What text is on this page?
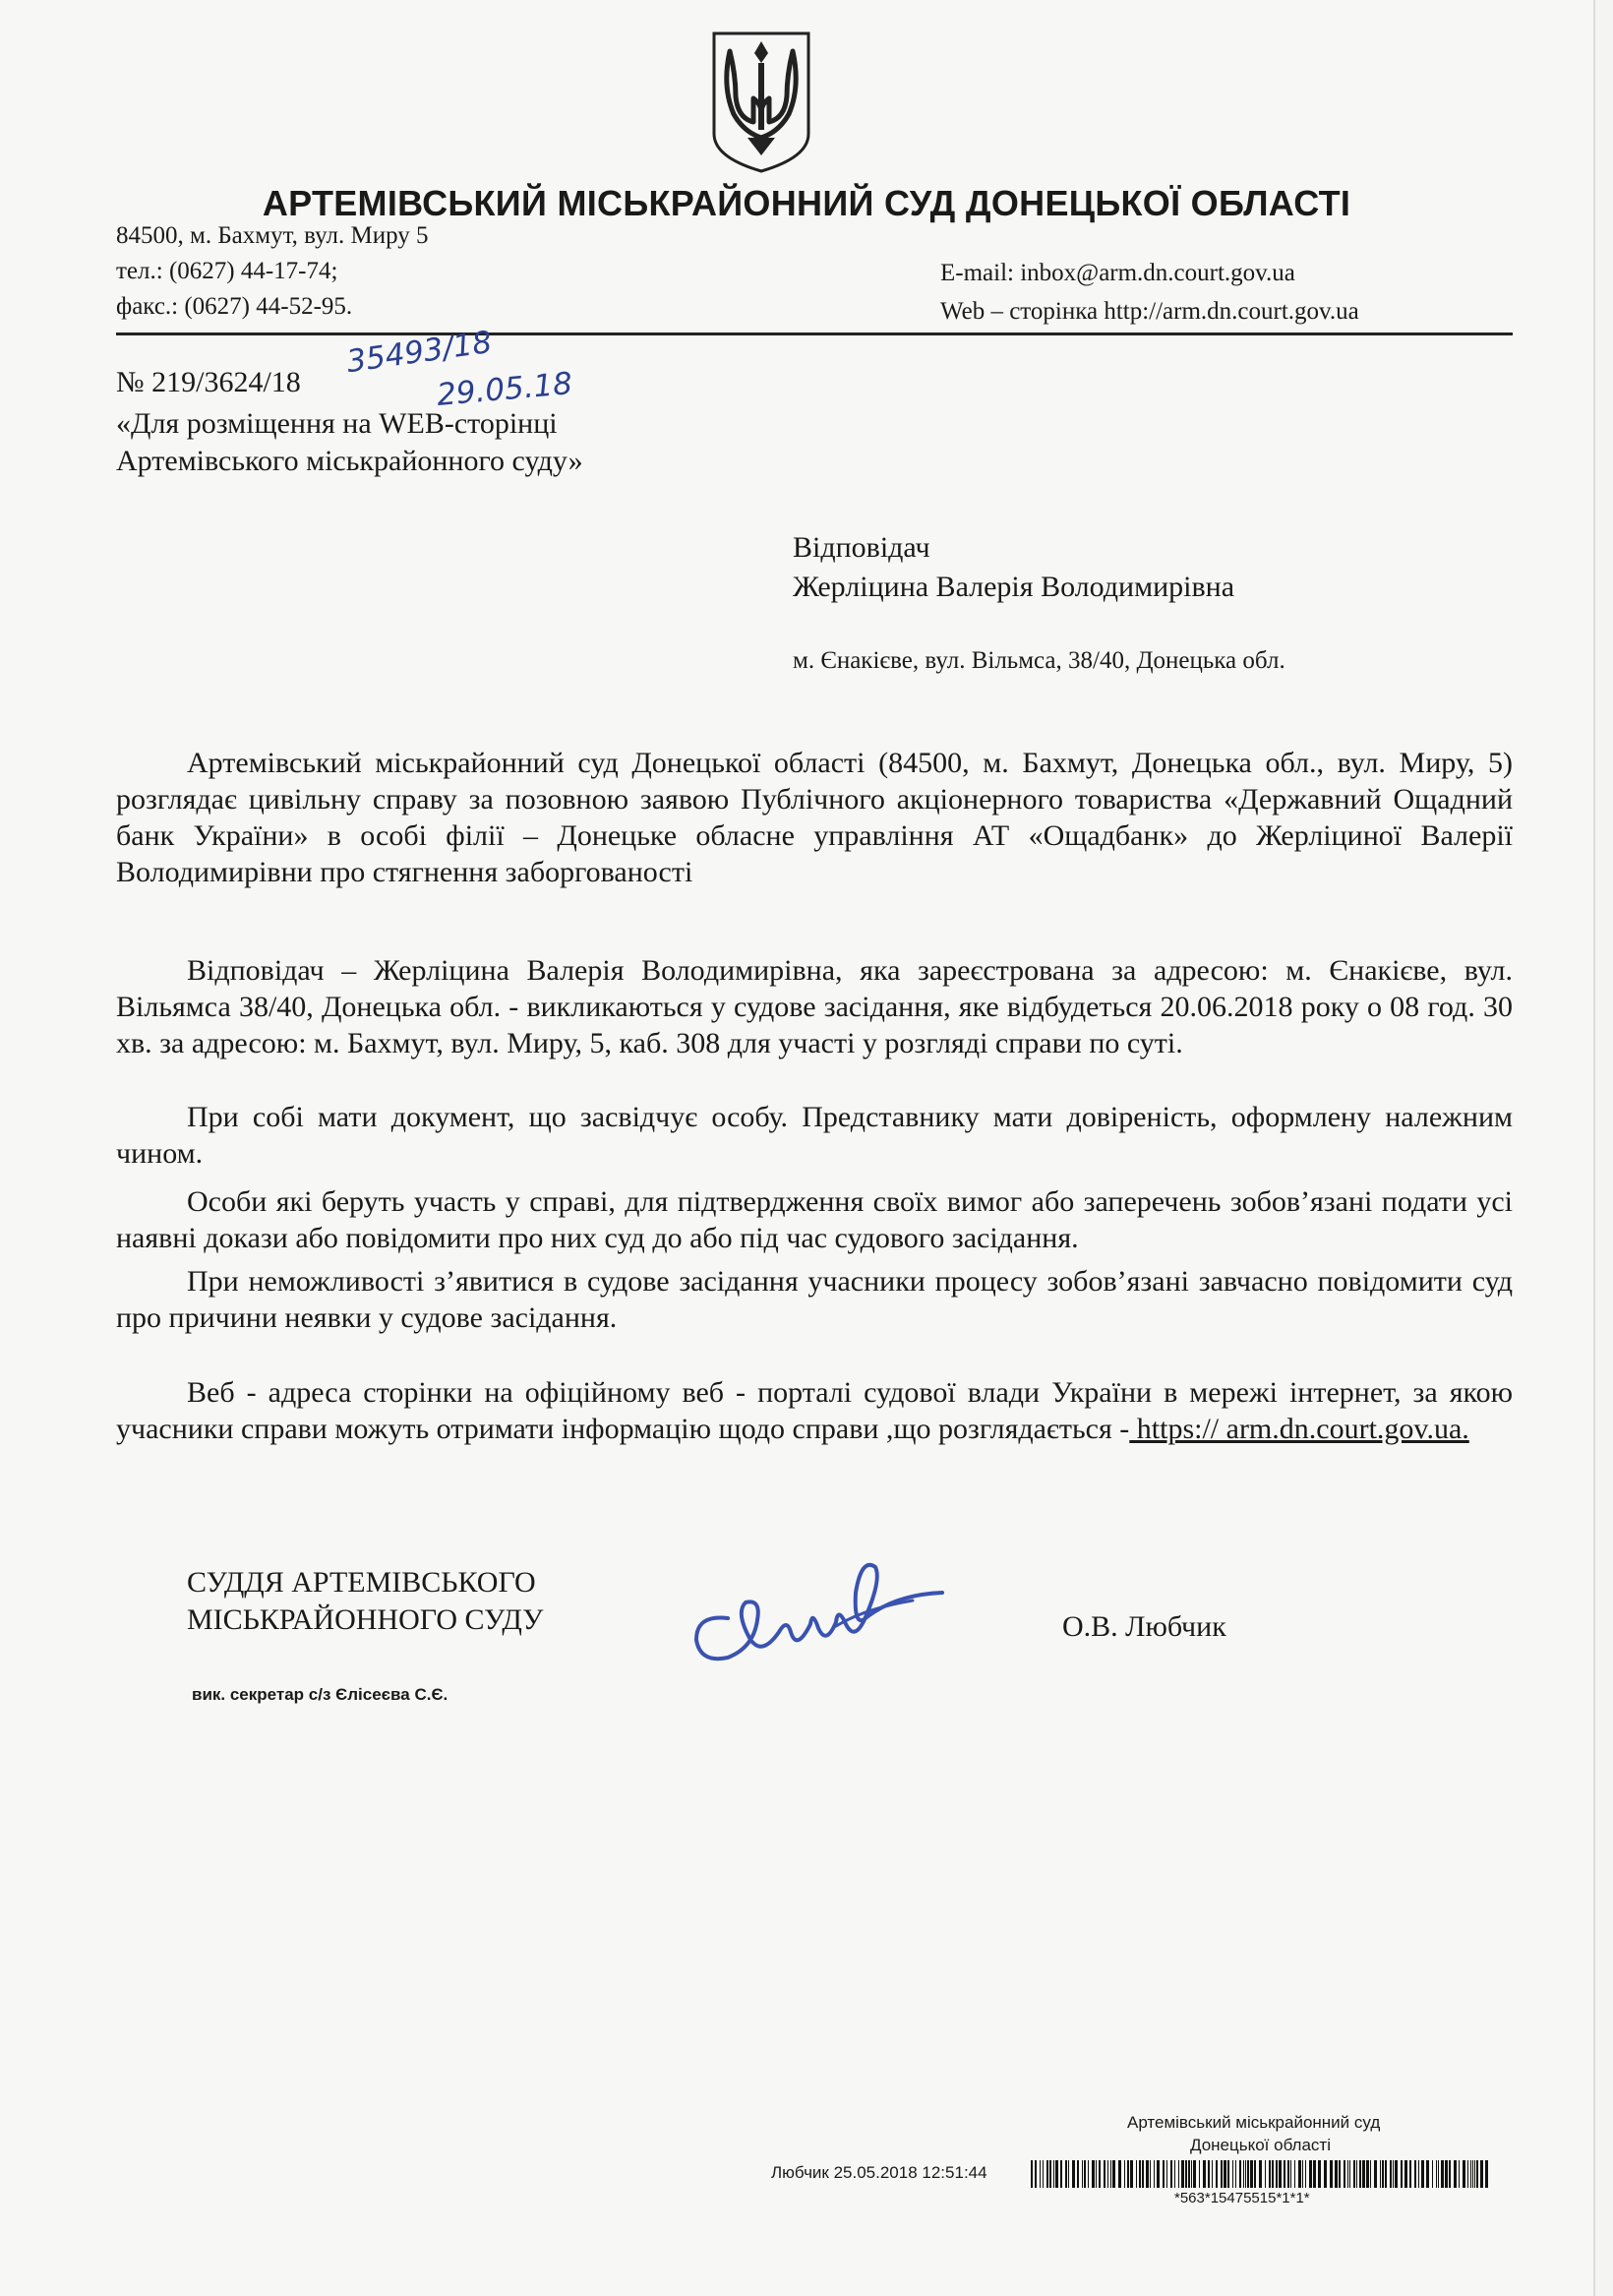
АРТЕМІВСЬКИЙ МІСЬКРАЙОННИЙ СУД ДОНЕЦЬКОЇ ОБЛАСТІ
84500, м. Бахмут, вул. Миру 5
тел.: (0627) 44-17-74;
факс.: (0627) 44-52-95.
E-mail: inbox@arm.dn.court.gov.ua
Web – сторінка http://arm.dn.court.gov.ua
№ 219/3624/18
35493/18
29.05.18
«Для розміщення на WEB-сторінці
Артемівського міськрайонного суду»
Відповідач
Жерліцина Валерія Володимирівна
м. Єнакієве, вул. Вільмса, 38/40, Донецька обл.

Артемівський міськрайонний суд Донецької області (84500, м. Бахмут, Донецька обл., вул. Миру, 5) розглядає цивільну справу за позовною заявою Публічного акціонерного товариства «Державний Ощадний банк України» в особі філії – Донецьке обласне управління АТ «Ощадбанк» до Жерліциної Валерії Володимирівни про стягнення заборгованості

Відповідач – Жерліцина Валерія Володимирівна, яка зареєстрована за адресою: м. Єнакієве, вул. Вільямса 38/40, Донецька обл. - викликаються у судове засідання, яке відбудеться 20.06.2018 року о 08 год. 30 хв. за адресою: м. Бахмут, вул. Миру, 5, каб. 308 для участі у розгляді справи по суті.

При собі мати документ, що засвідчує особу. Представнику мати довіреність, оформлену належним чином.

Особи які беруть участь у справі, для підтвердження своїх вимог або заперечень зобов’язані подати усі наявні докази або повідомити про них суд до або під час судового засідання.

При неможливості з’явитися в судове засідання учасники процесу зобов’язані завчасно повідомити суд про причини неявки у судове засідання.

Веб - адреса сторінки на офіційному веб - порталі судової влади України в мережі інтернет, за якою учасники справи можуть отримати інформацію щодо справи ,що розглядається - https:// arm.dn.court.gov.ua.

СУДДЯ АРТЕМІВСЬКОГО
МІСЬКРАЙОННОГО СУДУ	О.В. Любчик
вик. секретар с/з Єлісеєва С.Є.
Артемівський міськрайонний суд
Донецької області
Любчик 25.05.2018 12:51:44
*563*15475515*1*1*
